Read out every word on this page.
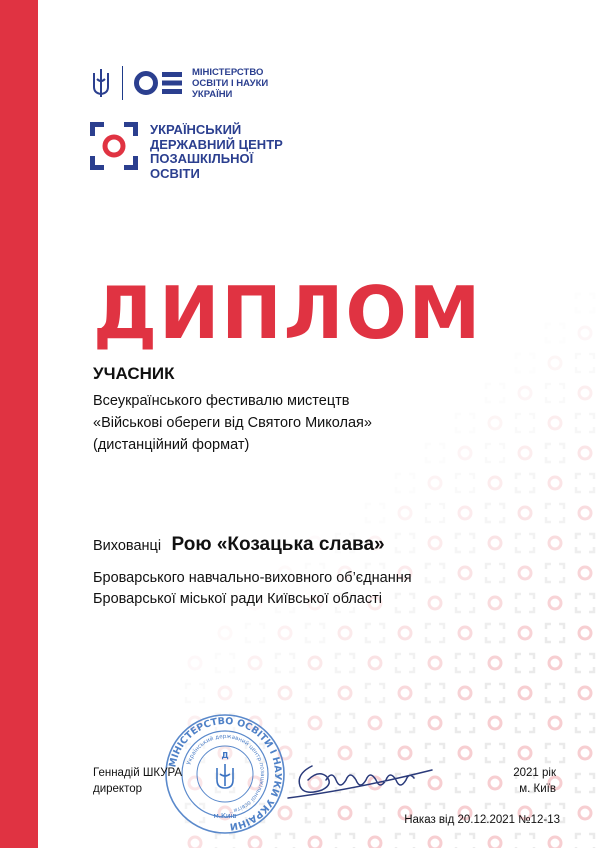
МІНІСТЕРСТВО
ОСВІТИ І НАУКИ
УКРАЇНИ
УКРАЇНСЬКИЙ
ДЕРЖАВНИЙ ЦЕНТР
ПОЗАШКІЛЬНОЇ
ОСВІТИ
ДИПЛОМ
УЧАСНИК
Всеукраїнського фестивалю мистецтв
«Військові обереги від Святого Миколая»
(дистанційний формат)
Вихованці Рою «Козацька слава»
Броварського навчально-виховного об’єднання
Броварської міської ради Київської області
МІНІСТЕРСТВО ОСВІТИ І НАУКИ УКРАЇНИ
Український державний центр позашкільної освіти
Д
м.Київ
Геннадій ШКУРА
директор
2021 рік
м. Київ
Наказ від 20.12.2021 №12-13
